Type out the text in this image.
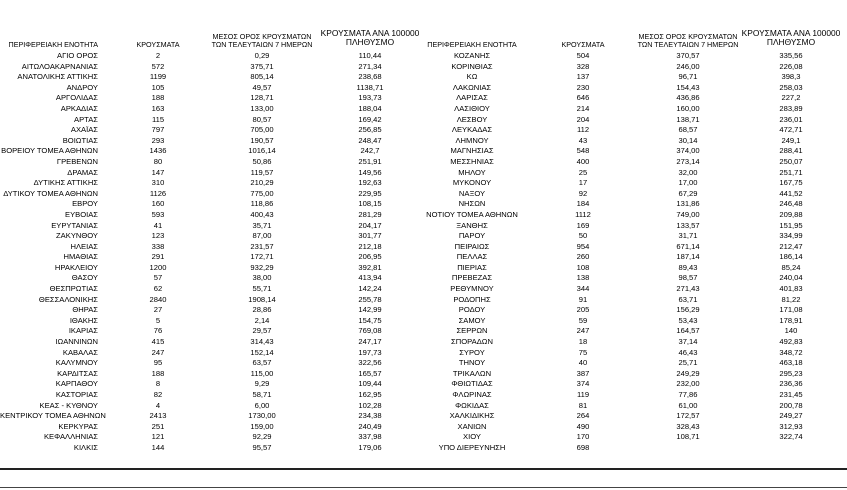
ΠΕΡΙΦΕΡΕΙΑΚΗ ΕΝΟΤΗΤΑ	ΚΡΟΥΣΜΑΤΑ
ΜΕΣΟΣ ΟΡΟΣ ΚΡΟΥΣΜΑΤΩΝ
ΤΩΝ ΤΕΛΕΥΤΑΙΩΝ 7 ΗΜΕΡΩΝ
ΚΡΟΥΣΜΑΤΑ ΑΝΑ 100000
ΠΛΗΘΥΣΜΟ	ΠΕΡΙΦΕΡΕΙΑΚΗ ΕΝΟΤΗΤΑ	ΚΡΟΥΣΜΑΤΑ
ΜΕΣΟΣ ΟΡΟΣ ΚΡΟΥΣΜΑΤΩΝ
ΤΩΝ ΤΕΛΕΥΤΑΙΩΝ 7 ΗΜΕΡΩΝ
ΚΡΟΥΣΜΑΤΑ ΑΝΑ 100000
ΠΛΗΘΥΣΜΟ
ΑΓΙΟ ΟΡΟΣ	2	0,29	110,44	ΚΟΖΑΝΗΣ	504	370,57	335,56
ΑΙΤΩΛΟΑΚΑΡΝΑΝΙΑΣ	572	375,71	271,34	ΚΟΡΙΝΘΙΑΣ	328	246,00	226,08
ΑΝΑΤΟΛΙΚΗΣ ΑΤΤΙΚΗΣ	1199	805,14	238,68	ΚΩ	137	96,71	398,3
ΑΝΔΡΟΥ	105	49,57	1138,71	ΛΑΚΩΝΙΑΣ	230	154,43	258,03
ΑΡΓΟΛΙΔΑΣ	188	128,71	193,73	ΛΑΡΙΣΑΣ	646	436,86	227,2
ΑΡΚΑΔΙΑΣ	163	133,00	188,04	ΛΑΣΙΘΙΟΥ	214	160,00	283,89
ΑΡΤΑΣ	115	80,57	169,42	ΛΕΣΒΟΥ	204	138,71	236,01
ΑΧΑΪΑΣ	797	705,00	256,85	ΛΕΥΚΑΔΑΣ	112	68,57	472,71
ΒΟΙΩΤΙΑΣ	293	190,57	248,47	ΛΗΜΝΟΥ	43	30,14	249,1
ΒΟΡΕΙΟΥ ΤΟΜΕΑ ΑΘΗΝΩΝ	1436	1016,14	242,7	ΜΑΓΝΗΣΙΑΣ	548	374,00	288,41
ΓΡΕΒΕΝΩΝ	80	50,86	251,91	ΜΕΣΣΗΝΙΑΣ	400	273,14	250,07
ΔΡΑΜΑΣ	147	119,57	149,56	ΜΗΛΟΥ	25	32,00	251,71
ΔΥΤΙΚΗΣ ΑΤΤΙΚΗΣ	310	210,29	192,63	ΜΥΚΟΝΟΥ	17	17,00	167,75
ΔΥΤΙΚΟΥ ΤΟΜΕΑ ΑΘΗΝΩΝ	1126	775,00	229,95	ΝΑΞΟΥ	92	67,29	441,52
ΕΒΡΟΥ	160	118,86	108,15	ΝΗΣΩΝ	184	131,86	246,48
ΕΥΒΟΙΑΣ	593	400,43	281,29	ΝΟΤΙΟΥ ΤΟΜΕΑ ΑΘΗΝΩΝ	1112	749,00	209,88
ΕΥΡΥΤΑΝΙΑΣ	41	35,71	204,17	ΞΑΝΘΗΣ	169	133,57	151,95
ΖΑΚΥΝΘΟΥ	123	87,00	301,77	ΠΑΡΟΥ	50	31,71	334,99
ΗΛΕΙΑΣ	338	231,57	212,18	ΠΕΙΡΑΙΩΣ	954	671,14	212,47
ΗΜΑΘΙΑΣ	291	172,71	206,95	ΠΕΛΛΑΣ	260	187,14	186,14
ΗΡΑΚΛΕΙΟΥ	1200	932,29	392,81	ΠΙΕΡΙΑΣ	108	89,43	85,24
ΘΑΣΟΥ	57	38,00	413,94	ΠΡΕΒΕΖΑΣ	138	98,57	240,04
ΘΕΣΠΡΩΤΙΑΣ	62	55,71	142,24	ΡΕΘΥΜΝΟΥ	344	271,43	401,83
ΘΕΣΣΑΛΟΝΙΚΗΣ	2840	1908,14	255,78	ΡΟΔΟΠΗΣ	91	63,71	81,22
ΘΗΡΑΣ	27	28,86	142,99	ΡΟΔΟΥ	205	156,29	171,08
ΙΘΑΚΗΣ	5	2,14	154,75	ΣΑΜΟΥ	59	53,43	178,91
ΙΚΑΡΙΑΣ	76	29,57	769,08	ΣΕΡΡΩΝ	247	164,57	140
ΙΩΑΝΝΙΝΩΝ	415	314,43	247,17	ΣΠΟΡΑΔΩΝ	18	37,14	492,83
ΚΑΒΑΛΑΣ	247	152,14	197,73	ΣΥΡΟΥ	75	46,43	348,72
ΚΑΛΥΜΝΟΥ	95	63,57	322,56	ΤΗΝΟΥ	40	25,71	463,18
ΚΑΡΔΙΤΣΑΣ	188	115,00	165,57	ΤΡΙΚΑΛΩΝ	387	249,29	295,23
ΚΑΡΠΑΘΟΥ	8	9,29	109,44	ΦΘΙΩΤΙΔΑΣ	374	232,00	236,36
ΚΑΣΤΟΡΙΑΣ	82	58,71	162,95	ΦΛΩΡΙΝΑΣ	119	77,86	231,45
ΚΕΑΣ - ΚΥΘΝΟΥ	4	6,00	102,28	ΦΩΚΙΔΑΣ	81	61,00	200,78
ΚΕΝΤΡΙΚΟΥ ΤΟΜΕΑ ΑΘΗΝΩΝ	2413	1730,00	234,38	ΧΑΛΚΙΔΙΚΗΣ	264	172,57	249,27
ΚΕΡΚΥΡΑΣ	251	159,00	240,49	ΧΑΝΙΩΝ	490	328,43	312,93
ΚΕΦΑΛΛΗΝΙΑΣ	121	92,29	337,98	ΧΙΟΥ	170	108,71	322,74
ΚΙΛΚΙΣ	144	95,57	179,06	ΥΠΟ ΔΙΕΡΕΥΝΗΣΗ	698
